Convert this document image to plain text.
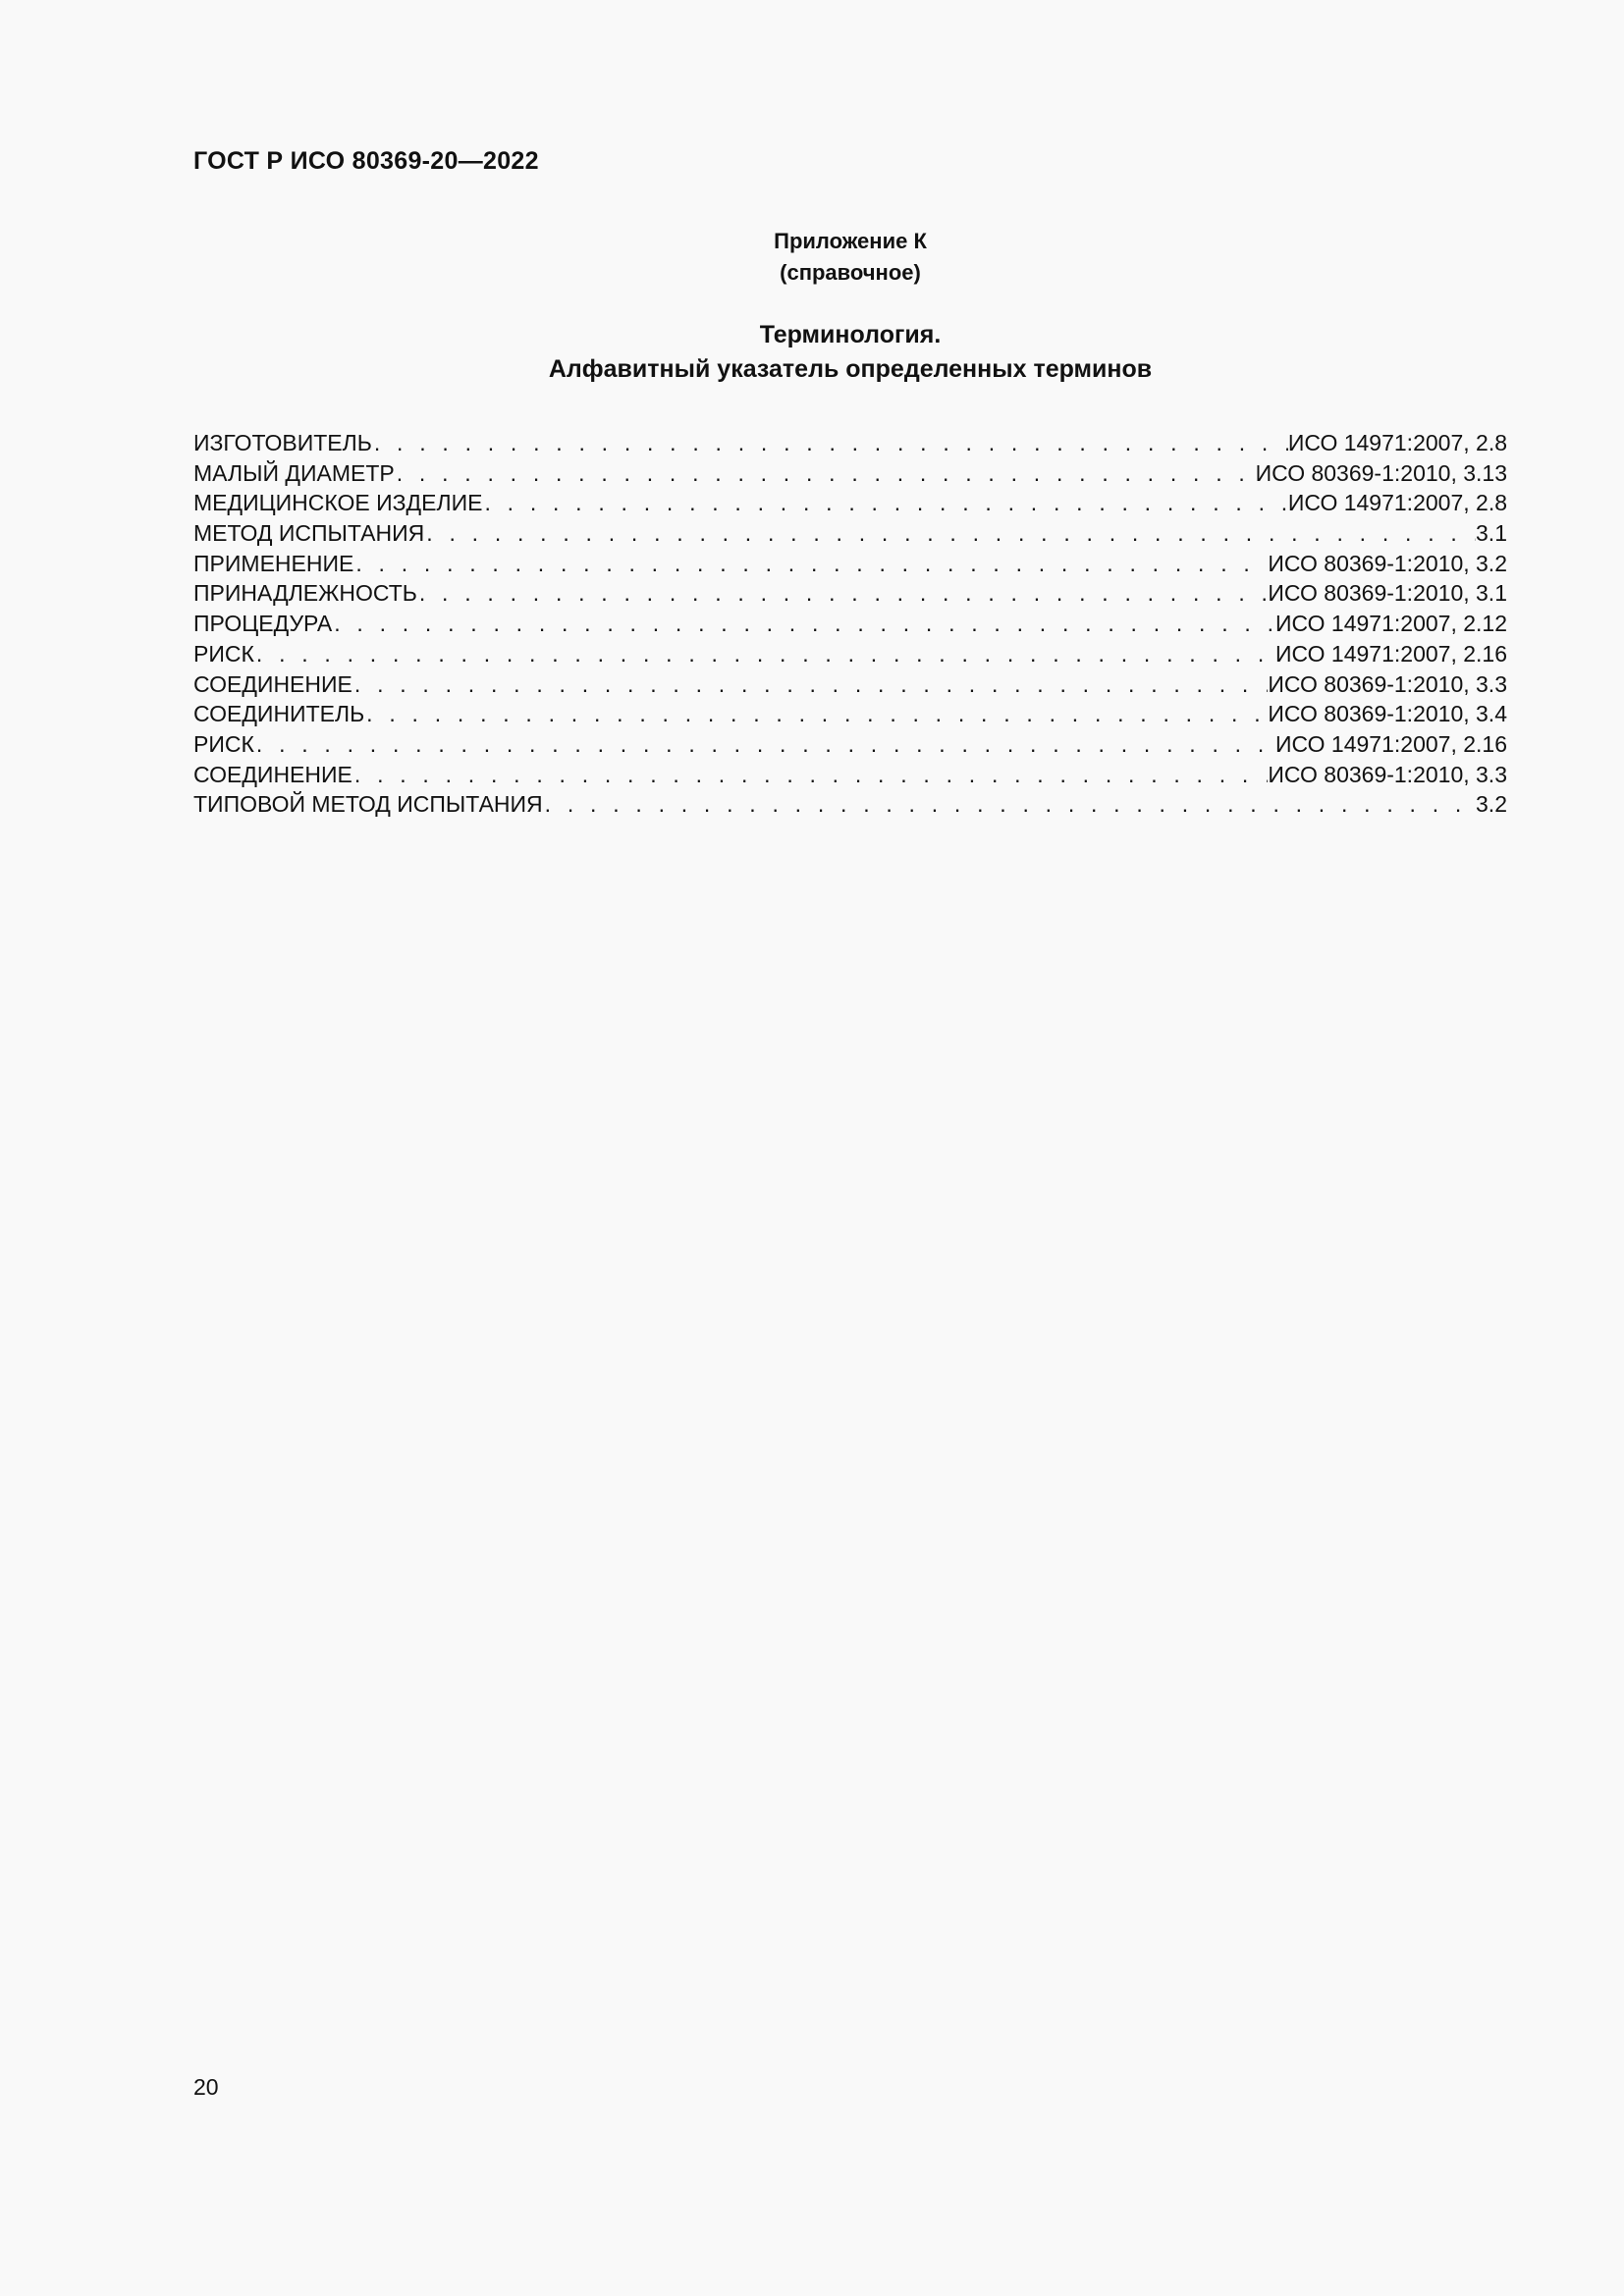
ГОСТ Р ИСО 80369-20—2022
Приложение К
(справочное)
Терминология.
Алфавитный указатель определенных терминов
ИЗГОТОВИТЕЛЬ . . .	ИСО 14971:2007, 2.8
МАЛЫЙ ДИАМЕТР . . .	ИСО 80369-1:2010, 3.13
МЕДИЦИНСКОЕ ИЗДЕЛИЕ . . .	ИСО 14971:2007, 2.8
МЕТОД ИСПЫТАНИЯ . . .	3.1
ПРИМЕНЕНИЕ . . .	ИСО 80369-1:2010, 3.2
ПРИНАДЛЕЖНОСТЬ . . .	ИСО 80369-1:2010, 3.1
ПРОЦЕДУРА . . .	ИСО 14971:2007, 2.12
РИСК . . .	ИСО 14971:2007, 2.16
СОЕДИНЕНИЕ . . .	ИСО 80369-1:2010, 3.3
СОЕДИНИТЕЛЬ . . .	ИСО 80369-1:2010, 3.4
РИСК . . .	ИСО 14971:2007, 2.16
СОЕДИНЕНИЕ . . .	ИСО 80369-1:2010, 3.3
ТИПОВОЙ МЕТОД ИСПЫТАНИЯ . . .	3.2
20
